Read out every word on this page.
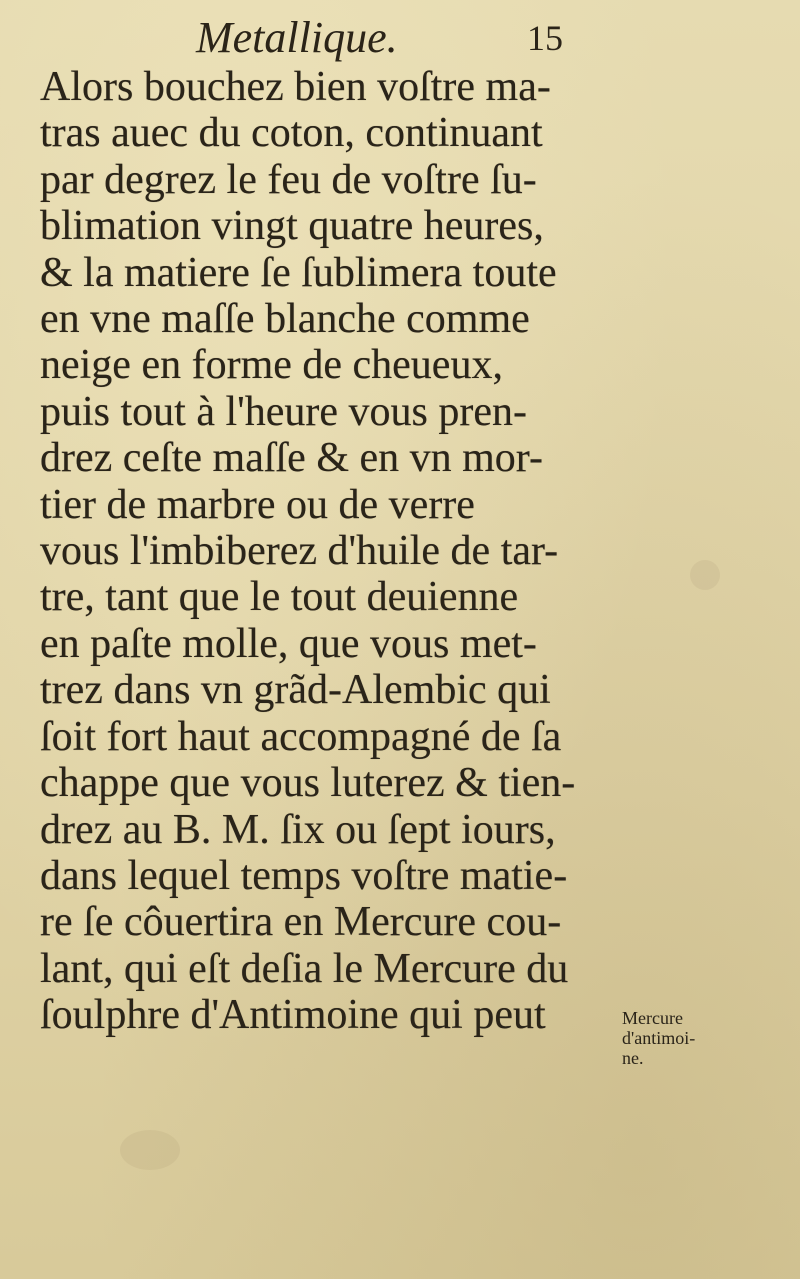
Metallique.	15
Alors bouchez bien voſtre ma-
tras auec du coton, continuant
par degrez le feu de voſtre ſu-
blimation vingt quatre heures,
& la matiere ſe ſublimera toute
en vne maſſe blanche comme
neige en forme de cheueux,
puis tout à l'heure vous pren-
drez ceſte maſſe & en vn mor-
tier de marbre ou de verre
vous l'imbiberez d'huile de tar-
tre, tant que le tout deuienne
en paſte molle, que vous met-
trez dans vn grãd-Alembic qui
ſoit fort haut accompagné de ſa
chappe que vous luterez & tien-
drez au B. M. ſix ou ſept iours,
dans lequel temps voſtre matie-
re ſe côuertira en Mercure cou-
lant, qui eſt deſia le Mercure du
ſoulphre d'Antimoine qui peut	Mercure
d'antimoi-
ne.
